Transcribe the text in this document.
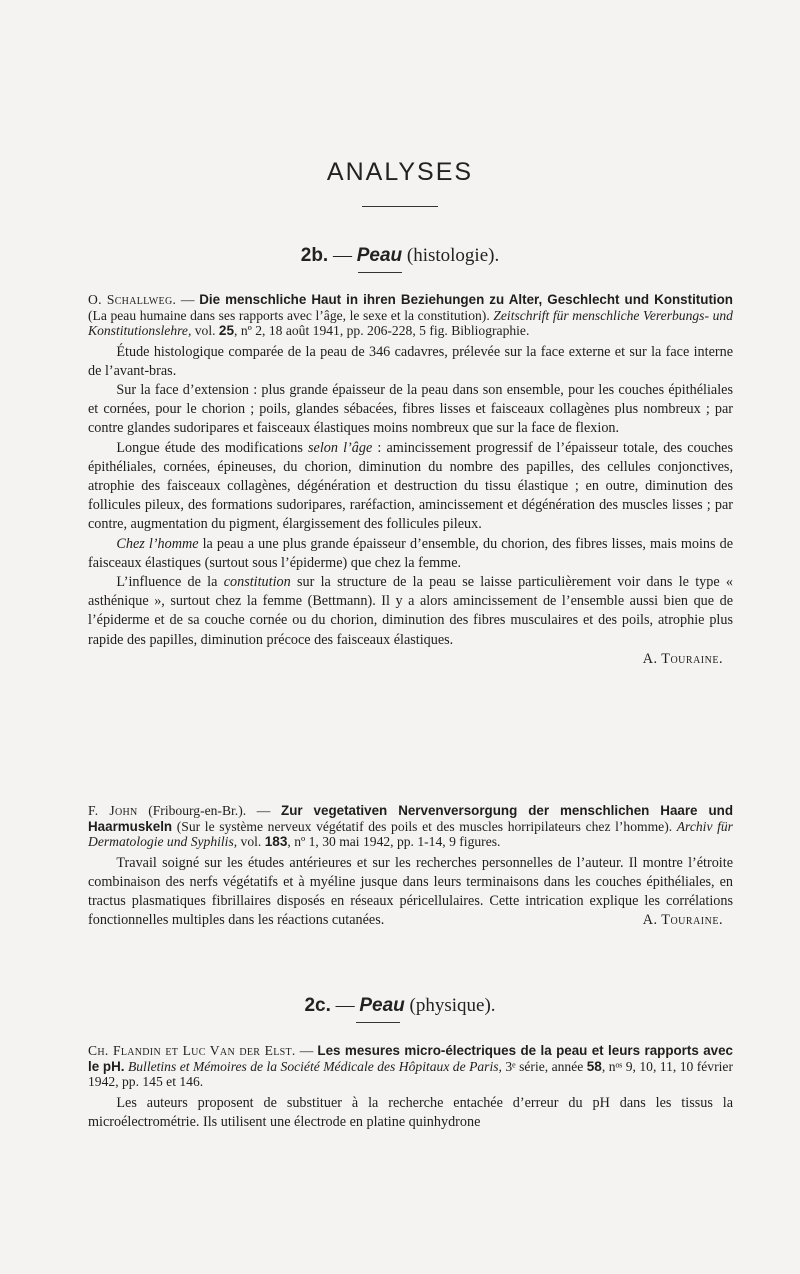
ANALYSES
2b. — Peau (histologie).
O. Schallweg. — Die menschliche Haut in ihren Beziehungen zu Alter, Geschlecht und Konstitution (La peau humaine dans ses rapports avec l’âge, le sexe et la constitution). Zeitschrift für menschliche Vererbungs- und Konstitutionslehre, vol. 25, nº 2, 18 août 1941, pp. 206-228, 5 fig. Bibliographie.

Étude histologique comparée de la peau de 346 cadavres, prélevée sur la face externe et sur la face interne de l’avant-bras.

Sur la face d’extension : plus grande épaisseur de la peau dans son ensemble, pour les couches épithéliales et cornées, pour le chorion ; poils, glandes sébacées, fibres lisses et faisceaux collagènes plus nombreux ; par contre glandes sudoripares et faisceaux élastiques moins nombreux que sur la face de flexion.

Longue étude des modifications selon l’âge : amincissement progressif de l’épaisseur totale, des couches épithéliales, cornées, épineuses, du chorion, diminution du nombre des papilles, des cellules conjonctives, atrophie des faisceaux collagènes, dégénération et destruction du tissu élastique ; en outre, diminution des follicules pileux, des formations sudoripares, raréfaction, amincissement et dégénération des muscles lisses ; par contre, augmentation du pigment, élargissement des follicules pileux.

Chez l’homme la peau a une plus grande épaisseur d’ensemble, du chorion, des fibres lisses, mais moins de faisceaux élastiques (surtout sous l’épiderme) que chez la femme.

L’influence de la constitution sur la structure de la peau se laisse particulièrement voir dans le type « asthénique », surtout chez la femme (Bettmann). Il y a alors amincissement de l’ensemble aussi bien que de l’épiderme et de sa couche cornée ou du chorion, diminution des fibres musculaires et des poils, atrophie plus rapide des papilles, diminution précoce des faisceaux élastiques.

A. Touraine.
F. John (Fribourg-en-Br.). — Zur vegetativen Nervenversorgung der menschlichen Haare und Haarmuskeln (Sur le système nerveux végétatif des poils et des muscles horripilateurs chez l’homme). Archiv für Dermatologie und Syphilis, vol. 183, nº 1, 30 mai 1942, pp. 1-14, 9 figures.

Travail soigné sur les études antérieures et sur les recherches personnelles de l’auteur. Il montre l’étroite combinaison des nerfs végétatifs et à myéline jusque dans leurs terminaisons dans les couches épithéliales, en tractus plasmatiques fibrillaires disposés en réseaux péricellulaires. Cette intrication explique les corrélations fonctionnelles multiples dans les réactions cutanées.	A. Touraine.

2c. — Peau (physique).
Ch. Flandin et Luc Van der Elst. — Les mesures micro-électriques de la peau et leurs rapports avec le pH. Bulletins et Mémoires de la Société Médicale des Hôpitaux de Paris, 3ᵉ série, année 58, nᵒˢ 9, 10, 11, 10 février 1942, pp. 145 et 146.

Les auteurs proposent de substituer à la recherche entachée d’erreur du pH dans les tissus la microélectrométrie. Ils utilisent une électrode en platine quinhydrone
